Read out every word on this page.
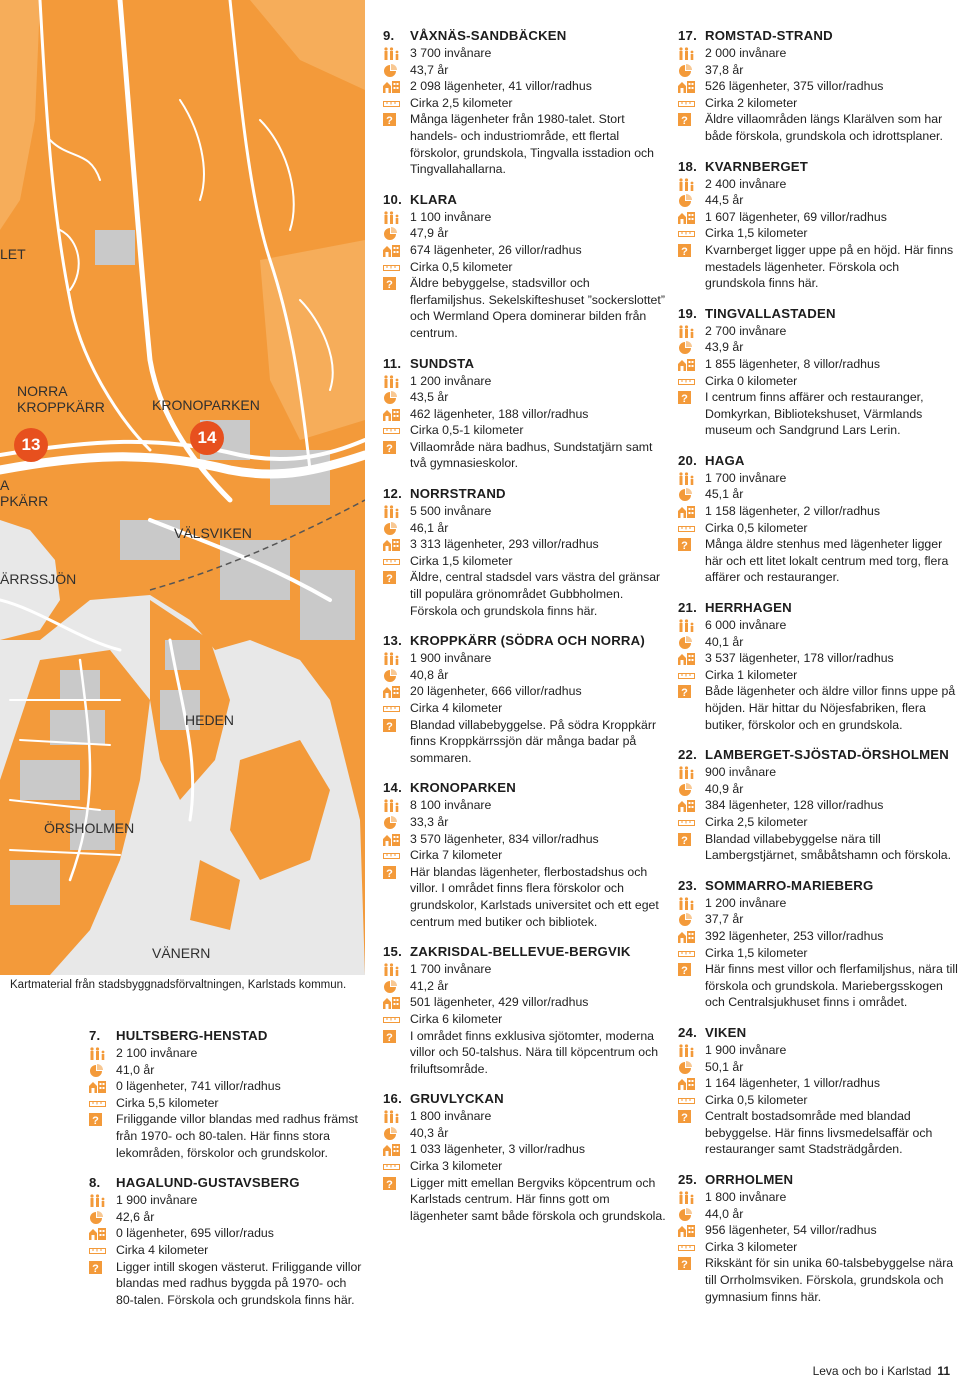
LET
NORRA
KROPPKÄRR	KRONOPARKEN
A
PKÄRR
VÄLSVIKEN
ÄRRSSJÖN
HEDEN
ÖRSHOLMEN
VÄNERN
13	14
Kartmaterial från stadsbyggnadsförvaltningen, Karlstads kommun.
7. HULTSBERG-HENSTAD
2 100 invånare
41,0 år
0 lägenheter, 741 villor/radhus
Cirka 5,5 kilometer
? Friliggande villor blandas med radhus främst från 1970- och 80-talen. Här finns stora lekområden, förskolor och grundskolor.
8. HAGALUND-GUSTAVSBERG
1 900 invånare
42,6 år
0 lägenheter, 695 villor/radus
Cirka 4 kilometer
? Ligger intill skogen västerut. Friliggande villor blandas med radhus byggda på 1970- och 80-talen. Förskola och grundskola finns här.
9. VÅXNÄS-SANDBÄCKEN
3 700 invånare
43,7 år
2 098 lägenheter, 41 villor/radhus
Cirka 2,5 kilometer
? Många lägenheter från 1980-talet. Stort handels- och industriområde, ett flertal förskolor, grundskola, Tingvalla isstadion och Tingvallahallarna.
10. KLARA
1 100 invånare
47,9 år
674 lägenheter, 26 villor/radhus
Cirka 0,5 kilometer
? Äldre bebyggelse, stadsvillor och flerfamiljshus. Sekelskifteshuset ”sockerslottet” och Wermland Opera dominerar bilden från centrum.
11. SUNDSTA
1 200 invånare
43,5 år
462 lägenheter, 188 villor/radhus
Cirka 0,5-1 kilometer
? Villaområde nära badhus, Sundstatjärn samt två gymnasieskolor.
12. NORRSTRAND
5 500 invånare
46,1 år
3 313 lägenheter, 293 villor/radhus
Cirka 1,5 kilometer
? Äldre, central stadsdel vars västra del gränsar till populära grönområdet Gubbholmen. Förskola och grundskola finns här.
13. KROPPKÄRR (SÖDRA OCH NORRA)
1 900 invånare
40,8 år
20 lägenheter, 666 villor/radhus
Cirka 4 kilometer
? Blandad villabebyggelse. På södra Kroppkärr finns Kroppkärrssjön där många badar på sommaren.
14. KRONOPARKEN
8 100 invånare
33,3 år
3 570 lägenheter, 834 villor/radhus
Cirka 7 kilometer
? Här blandas lägenheter, flerbostadshus och villor. I området finns flera förskolor och grundskolor, Karlstads universitet och ett eget centrum med butiker och bibliotek.
15. ZAKRISDAL-BELLEVUE-BERGVIK
1 700 invånare
41,2 år
501 lägenheter, 429 villor/radhus
Cirka 6 kilometer
? I området finns exklusiva sjötomter, moderna villor och 50-talshus. Nära till köpcentrum och friluftsområde.
16. GRUVLYCKAN
1 800 invånare
40,3 år
1 033 lägenheter, 3 villor/radhus
Cirka 3 kilometer
? Ligger mitt emellan Bergviks köpcentrum och Karlstads centrum. Här finns gott om lägenheter samt både förskola och grundskola.
17. ROMSTAD-STRAND
2 000 invånare
37,8 år
526 lägenheter, 375 villor/radhus
Cirka 2 kilometer
? Äldre villaområden längs Klarälven som har både förskola, grundskola och idrottsplaner.
18. KVARNBERGET
2 400 invånare
44,5 år
1 607 lägenheter, 69 villor/radhus
Cirka 1,5 kilometer
? Kvarnberget ligger uppe på en höjd. Här finns mestadels lägenheter. Förskola och grundskola finns här.
19. TINGVALLASTADEN
2 700 invånare
43,9 år
1 855 lägenheter, 8 villor/radhus
Cirka 0 kilometer
? I centrum finns affärer och restauranger, Domkyrkan, Bibliotekshuset, Värmlands museum och Sandgrund Lars Lerin.
20. HAGA
1 700 invånare
45,1 år
1 158 lägenheter, 2 villor/radhus
Cirka 0,5 kilometer
? Många äldre stenhus med lägenheter ligger här och ett litet lokalt centrum med torg, flera affärer och restauranger.
21. HERRHAGEN
6 000 invånare
40,1 år
3 537 lägenheter, 178 villor/radhus
Cirka 1 kilometer
? Både lägenheter och äldre villor finns uppe på höjden. Här hittar du Nöjesfabriken, flera butiker, förskolor och en grundskola.
22. LAMBERGET-SJÖSTAD-ÖRSHOLMEN
900 invånare
40,9 år
384 lägenheter, 128 villor/radhus
Cirka 2,5 kilometer
? Blandad villabebyggelse nära till Lambergstjärnet, småbåtshamn och förskola.
23. SOMMARRO-MARIEBERG
1 200 invånare
37,7 år
392 lägenheter, 253 villor/radhus
Cirka 1,5 kilometer
? Här finns mest villor och flerfamiljshus, nära till förskola och grundskola. Mariebergsskogen och Centralsjukhuset finns i området.
24. VIKEN
1 900 invånare
50,1 år
1 164 lägenheter, 1 villor/radhus
Cirka 0,5 kilometer
? Centralt bostadsområde med blandad bebyggelse. Här finns livsmedelsaffär och restauranger samt Stadsträdgården.
25. ORRHOLMEN
1 800 invånare
44,0 år
956 lägenheter, 54 villor/radhus
Cirka 3 kilometer
? Rikskänt för sin unika 60-talsbebyggelse nära till Orrholmsviken. Förskola, grundskola och gymnasium finns här.
Leva och bo i Karlstad 11
